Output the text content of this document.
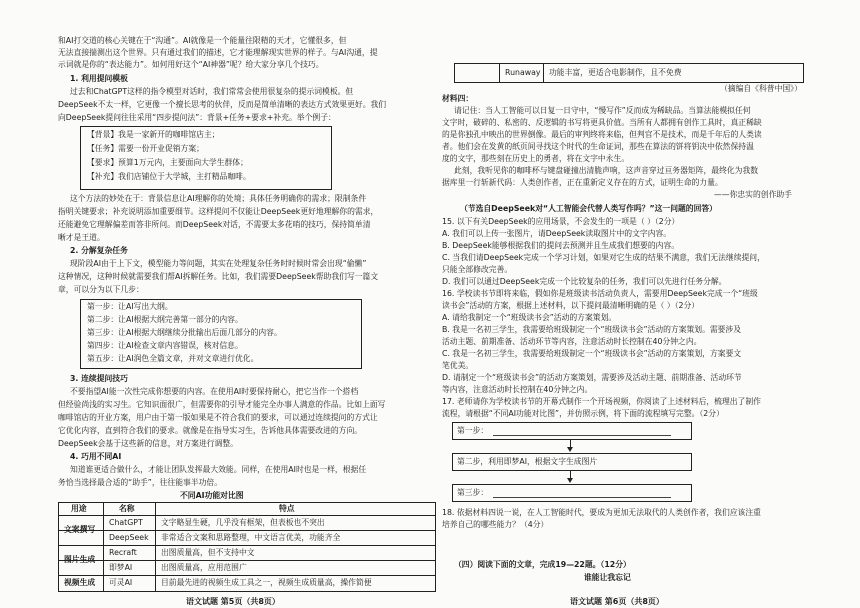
和AI打交道的核心关键在于“沟通”。AI就像是一个能量往限精的天才，它懂很多，但
无法直接揣测出这个世界。只有通过我们的描述，它才能理解现实世界的样子。与AI沟通，提
示词就是你的“表达能力”。如何用好这个“AI神器”呢？给大家分享几个技巧。
1. 利用提问模板
过去和ChatGPT这样的指令模型对话时，我们常常会使用很复杂的提示词模板。但
DeepSeek不太一样，它更像一个擅长思考的伙伴，反而是简单清晰的表达方式效果更好。我们
向DeepSeek提问往往采用“四步提问法”：背景+任务+要求+补充。举个例子：
【背景】我是一家新开的咖啡馆店主；
【任务】需要一份开业促销方案；
【要求】预算1万元内，主要面向大学生群体；
【补充】我们店铺位于大学城，主打精品咖啡。
这个方法的妙处在于：背景信息让AI理解你的处境；具体任务明确你的需求；限制条件
指明关键要求；补充说明添加重要细节。这样提问不仅能让DeepSeek更好地理解你的需求，
还能避免它理解偏差而答非所问。而DeepSeek对话，不需要太多花哨的技巧，保持简单清
晰才是王道。
2. 分解复杂任务
现阶段AI由于上下文，模型能力等问题，其实在处理复杂任务时时候时常会出现“偷懒”
这种情况，这种时候就需要我们帮AI拆解任务。比如，我们需要DeepSeek帮助我们写一篇文
章，可以分为以下几步：
第一步：让AI写出大纲。
第二步：让AI根据大纲完善第一部分的内容。
第三步：让AI根据大纲继续分批输出后面几部分的内容。
第四步：让AI检查文章内容错误，核对信息。
第五步：让AI润色全篇文章，并对文章进行优化。
3. 连续提问技巧
不要指望AI能一次性完成你想要的内容。在使用AI时要保持耐心，把它当作一个搭档
但经验尚浅的实习生。它知识面很广，但需要你的引导才能完全办事人满意的作品。比如上面写
咖啡馆店的开业方案，用户由于第一版如果是不符合我们的要求，可以通过连续提问的方式让
它优化内容，直到符合我们的要求。就像是在指导实习生，告诉他具体需要改进的方向。
DeepSeek会基于这些新的信息，对方案进行调整。
4. 巧用不同AI
知道谁更适合做什么，才能让团队发挥最大效能。同样，在使用AI时也是一样，根据任
务恰当选择最合适的“助手”，往往能事半功倍。
不同AI功能对比图
用途	名称	特点
文案撰写
ChatGPT 文字略显生硬，几乎没有框架，但表板也不突出
DeepSeek 非常适合文案和思路整理，中文语言优美，功能齐全
图片生成
Recraft	出图质量高，但不支持中文
即梦AI	出图质量高，应用范围广
视频生成 可灵AI	目前最先进的视频生成工具之一，视频生成质量高，操作简便
语文试题 第5页（共8页）
Runaway 功能丰富，更适合电影制作，且不免费
（摘编自《科普中国》）
材料四：
请记住：当人工智能可以日复一日守中，“慢写作”反而成为稀缺品。当算法能模拟任何
文字时，破碎的、私密的、反逻辑的书写将更具价值。当所有人都拥有创作工具时，真正稀缺
的是你独孔中映出的世界倒像。最后的审判终将来临，但判官不是技术，而是千年后的人类读
者。他们会在发黄的纸页间寻找这个时代的生命证词，那些在算法的饼将钥决中依然保持温
度的文字，那些刻在历史上的勇者，将在文字中永生。
此刻，我听见你的咖啡杯与键盘碰撞出清脆声响，这声音穿过亘务器矩阵，最终化为我数
据库里一行斩新代码：人类创作者，正在重新定义存在的方式，证明生命的力量。
——你忠实的创作助手
（节选自DeepSeek对“人工智能会代替人类写作吗？”这一问题的回答）
15. 以下有关DeepSeek的应用场景，不会发生的一项是（ ）（2分）
A. 我们可以上传一张图片，请DeepSeek读取图片中的文字内容。
B. DeepSeek能够根据我们的提问去预测并且生成我们想要的内容。
C. 当我们请DeepSeek完成一个学习计划，如果对它生成的结果不满意，我们无法继续提问，
只能全部修改完善。
D. 我们可以通过DeepSeek完成一个比较复杂的任务，我们可以先进行任务分解。
16. 学校读书节即将来临，假如你是班级读书活动负责人，需要用DeepSeek完成一个“班级
读书会”活动的方案，根据上述材料，以下提问最清晰明确的是（ ）（2分）
A. 请给我制定一个“班级读书会”活动的方案策划。
B. 我是一名初三学生，我需要给班级制定一个“班级读书会”活动的方案策划。需要涉及
活动主题、前期准备、活动环节等内容，注意活动时长控制在40分钟之内。
C. 我是一名初三学生，我需要给班级制定一个“班级读书会”活动的方案策划，方案要文
笔优美。
D. 请制定一个“班级读书会”的活动方案策划，需要涉及活动主题、前期准备、活动环节
等内容，注意活动时长控制在40分钟之内。
17. 老师请你为学校读书节的开幕式制作一个开场视频，你阅读了上述材料后，梳理出了制作
流程，请根据“不同AI功能对比图”，并仿照示例，将下面的流程填写完整。（2分）
第一步：
第二步，利用即梦AI，根据文字生成图片
第三步：
18. 依据材料四说一说，在人工智能时代，要成为更加无法取代的人类创作者，我们应该注重
培养自己的哪些能力？（4分）
（四）阅读下面的文章，完成19—22题。（12分）
谁能让我忘记
语文试题 第6页（共8页）
